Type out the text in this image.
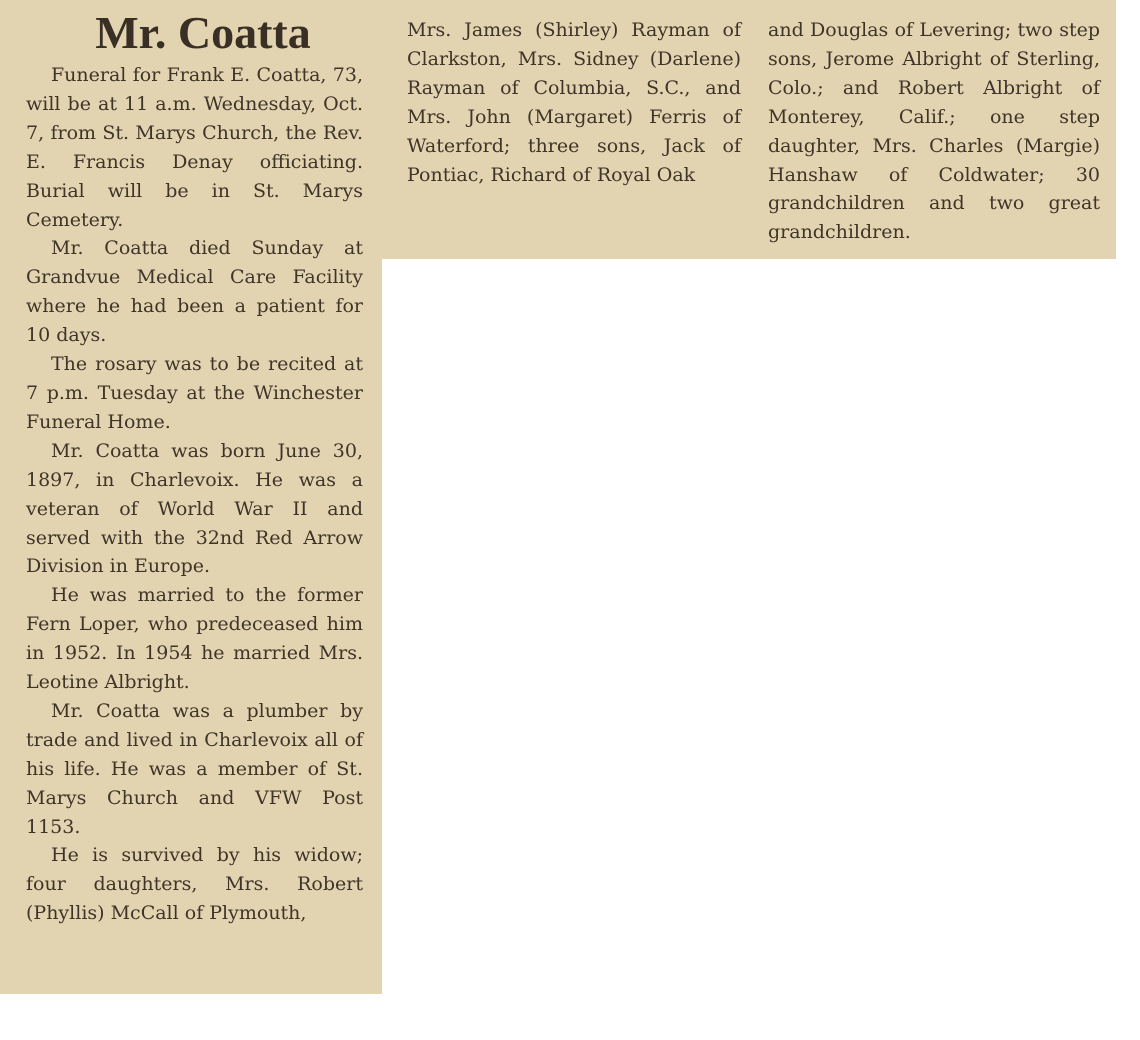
Mr. Coatta

Funeral for Frank E. Coatta, 73, will be at 11 a.m. Wednesday, Oct. 7, from St. Marys Church, the Rev. E. Francis Denay officiating. Burial will be in St. Marys Cemetery.

Mr. Coatta died Sunday at Grandvue Medical Care Facility where he had been a patient for 10 days.

The rosary was to be recited at 7 p.m. Tuesday at the Winchester Funeral Home.

Mr. Coatta was born June 30, 1897, in Charlevoix. He was a veteran of World War II and served with the 32nd Red Arrow Division in Europe.

He was married to the former Fern Loper, who predeceased him in 1952. In 1954 he married Mrs. Leotine Albright.

Mr. Coatta was a plumber by trade and lived in Charlevoix all of his life. He was a member of St. Marys Church and VFW Post 1153.

He is survived by his widow; four daughters, Mrs. Robert (Phyllis) McCall of Plymouth,

Mrs. James (Shirley) Rayman of Clarkston, Mrs. Sidney (Darlene) Rayman of Columbia, S.C., and Mrs. John (Margaret) Ferris of Waterford; three sons, Jack of Pontiac, Richard of Royal Oak

and Douglas of Levering; two step sons, Jerome Albright of Sterling, Colo.; and Robert Albright of Monterey, Calif.; one step daughter, Mrs. Charles (Margie) Hanshaw of Coldwater; 30 grandchildren and two great grandchildren.
